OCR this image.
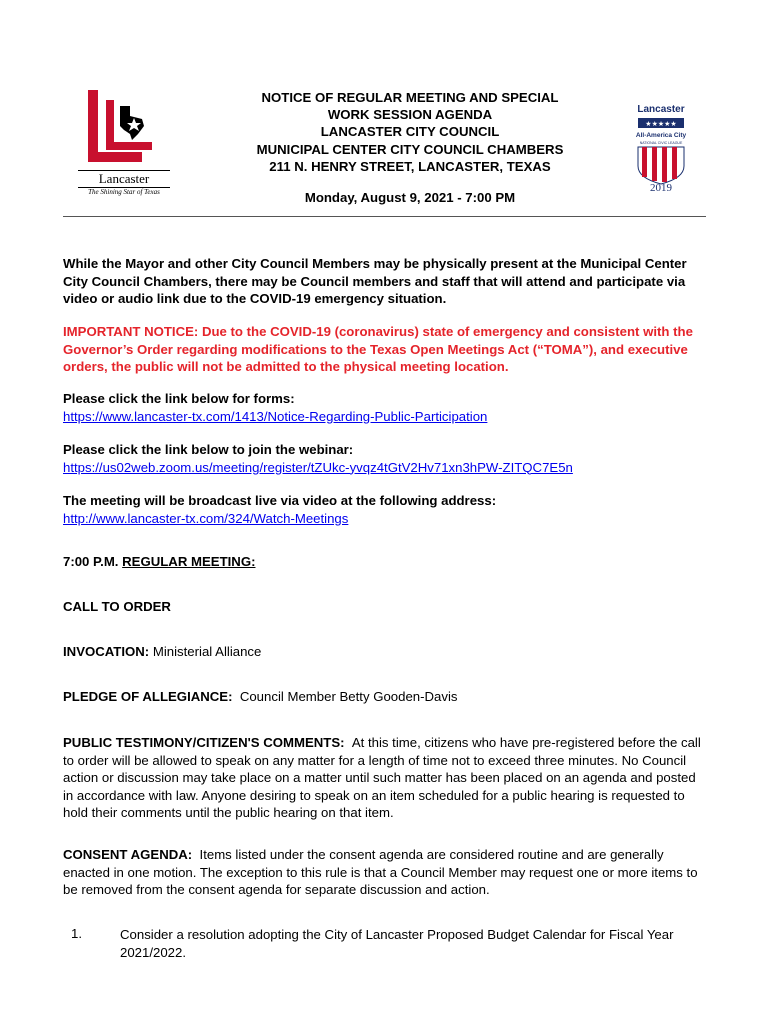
Lancaster
The Shining Star of Texas
NOTICE OF REGULAR MEETING AND SPECIAL
WORK SESSION AGENDA
LANCASTER CITY COUNCIL
MUNICIPAL CENTER CITY COUNCIL CHAMBERS
211 N. HENRY STREET, LANCASTER, TEXAS
Monday, August 9, 2021 - 7:00 PM
Lancaster
★★★★★
All-America City
NATIONAL CIVIC LEAGUE
2019
While the Mayor and other City Council Members may be physically present at the Municipal Center City Council Chambers, there may be Council members and staff that will attend and participate via video or audio link due to the COVID-19 emergency situation.
IMPORTANT NOTICE: Due to the COVID-19 (coronavirus) state of emergency and consistent with the Governor’s Order regarding modifications to the Texas Open Meetings Act (“TOMA”), and executive orders, the public will not be admitted to the physical meeting location.
Please click the link below for forms:
https://www.lancaster-tx.com/1413/Notice-Regarding-Public-Participation
Please click the link below to join the webinar:
https://us02web.zoom.us/meeting/register/tZUkc-yvqz4tGtV2Hv71xn3hPW-ZITQC7E5n
The meeting will be broadcast live via video at the following address:
http://www.lancaster-tx.com/324/Watch-Meetings
7:00 P.M. REGULAR MEETING:
CALL TO ORDER
INVOCATION: Ministerial Alliance
PLEDGE OF ALLEGIANCE: Council Member Betty Gooden-Davis
PUBLIC TESTIMONY/CITIZEN'S COMMENTS: At this time, citizens who have pre-registered before the call to order will be allowed to speak on any matter for a length of time not to exceed three minutes. No Council action or discussion may take place on a matter until such matter has been placed on an agenda and posted in accordance with law. Anyone desiring to speak on an item scheduled for a public hearing is requested to hold their comments until the public hearing on that item.
CONSENT AGENDA: Items listed under the consent agenda are considered routine and are generally enacted in one motion. The exception to this rule is that a Council Member may request one or more items to be removed from the consent agenda for separate discussion and action.
1.	Consider a resolution adopting the City of Lancaster Proposed Budget Calendar for Fiscal Year 2021/2022.
